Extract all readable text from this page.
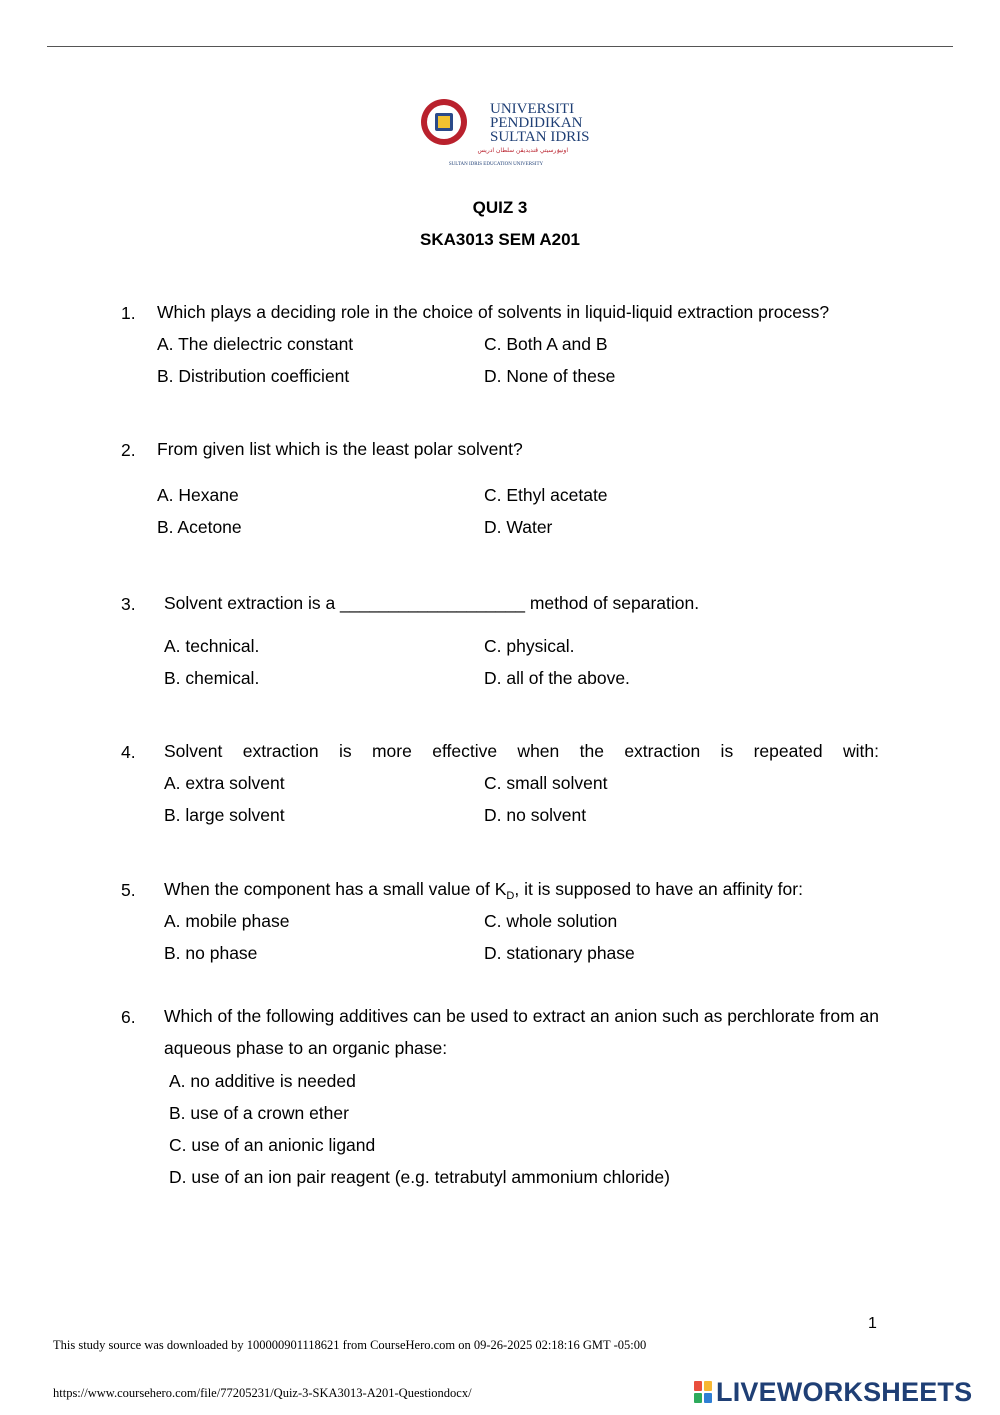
UNIVERSITI
PENDIDIKAN
SULTAN IDRIS
اونيۏرسيتي ڤنديديقن سلطان ادريس
SULTAN IDRIS EDUCATION UNIVERSITY
QUIZ 3
SKA3013 SEM A201
1. Which plays a deciding role in the choice of solvents in liquid-liquid extraction process?
A. The dielectric constant
B. Distribution coefficient
C. Both A and B
D. None of these
2. From given list which is the least polar solvent?
A. Hexane
B. Acetone
C. Ethyl acetate
D. Water
3. Solvent extraction is a ___________________ method of separation.
A. technical.
B. chemical.
C. physical.
D. all of the above.
4. Solvent extraction is more effective when the extraction is repeated with:
A. extra solvent
B. large solvent
C. small solvent
D. no solvent
5. When the component has a small value of $K_D$, it is supposed to have an affinity for:
A. mobile phase
B. no phase
C. whole solution
D. stationary phase
6. Which of the following additives can be used to extract an anion such as perchlorate from an aqueous phase to an organic phase:
A. no additive is needed
B. use of a crown ether
C. use of an anionic ligand
D. use of an ion pair reagent (e.g. tetrabutyl ammonium chloride)
1
This study source was downloaded by 100000901118621 from CourseHero.com on 09-26-2025 02:18:16 GMT -05:00
https://www.coursehero.com/file/77205231/Quiz-3-SKA3013-A201-Questiondocx/	LIVEWORKSHEETS
